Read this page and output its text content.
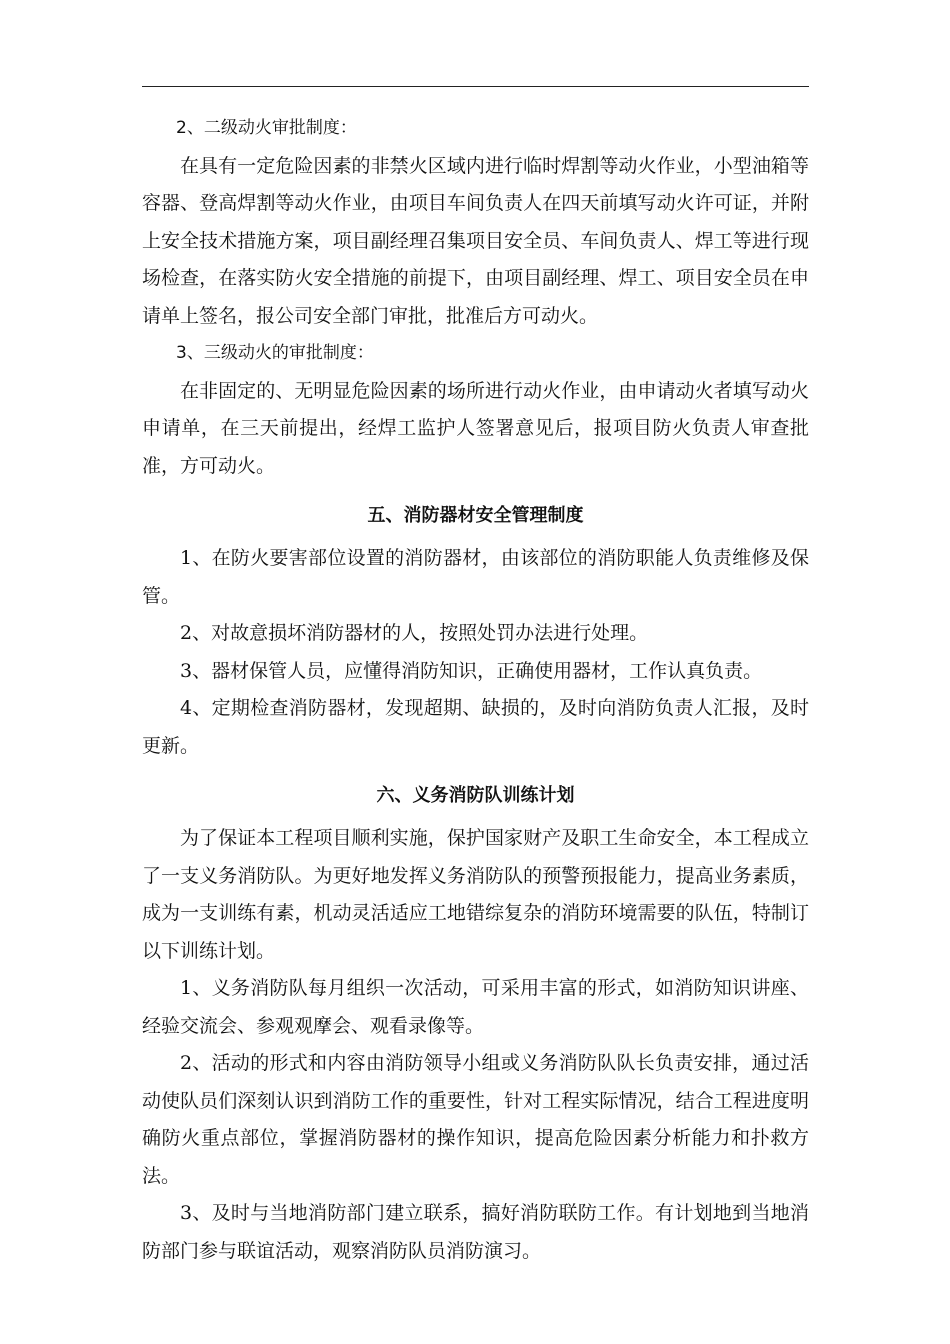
2、二级动火审批制度：
在具有一定危险因素的非禁火区域内进行临时焊割等动火作业，小型油箱等容器、登高焊割等动火作业，由项目车间负责人在四天前填写动火许可证，并附上安全技术措施方案，项目副经理召集项目安全员、车间负责人、焊工等进行现场检查，在落实防火安全措施的前提下，由项目副经理、焊工、项目安全员在申请单上签名，报公司安全部门审批，批准后方可动火。
3、三级动火的审批制度：
在非固定的、无明显危险因素的场所进行动火作业，由申请动火者填写动火申请单，在三天前提出，经焊工监护人签署意见后，报项目防火负责人审查批准，方可动火。
五、消防器材安全管理制度
1、在防火要害部位设置的消防器材，由该部位的消防职能人负责维修及保管。
2、对故意损坏消防器材的人，按照处罚办法进行处理。
3、器材保管人员，应懂得消防知识，正确使用器材，工作认真负责。
4、定期检查消防器材，发现超期、缺损的，及时向消防负责人汇报，及时更新。
六、义务消防队训练计划
为了保证本工程项目顺利实施，保护国家财产及职工生命安全，本工程成立了一支义务消防队。为更好地发挥义务消防队的预警预报能力，提高业务素质，成为一支训练有素，机动灵活适应工地错综复杂的消防环境需要的队伍，特制订以下训练计划。
1、义务消防队每月组织一次活动，可采用丰富的形式，如消防知识讲座、经验交流会、参观观摩会、观看录像等。
2、活动的形式和内容由消防领导小组或义务消防队队长负责安排，通过活动使队员们深刻认识到消防工作的重要性，针对工程实际情况，结合工程进度明确防火重点部位，掌握消防器材的操作知识，提高危险因素分析能力和扑救方法。
3、及时与当地消防部门建立联系，搞好消防联防工作。有计划地到当地消防部门参与联谊活动，观察消防队员消防演习。
